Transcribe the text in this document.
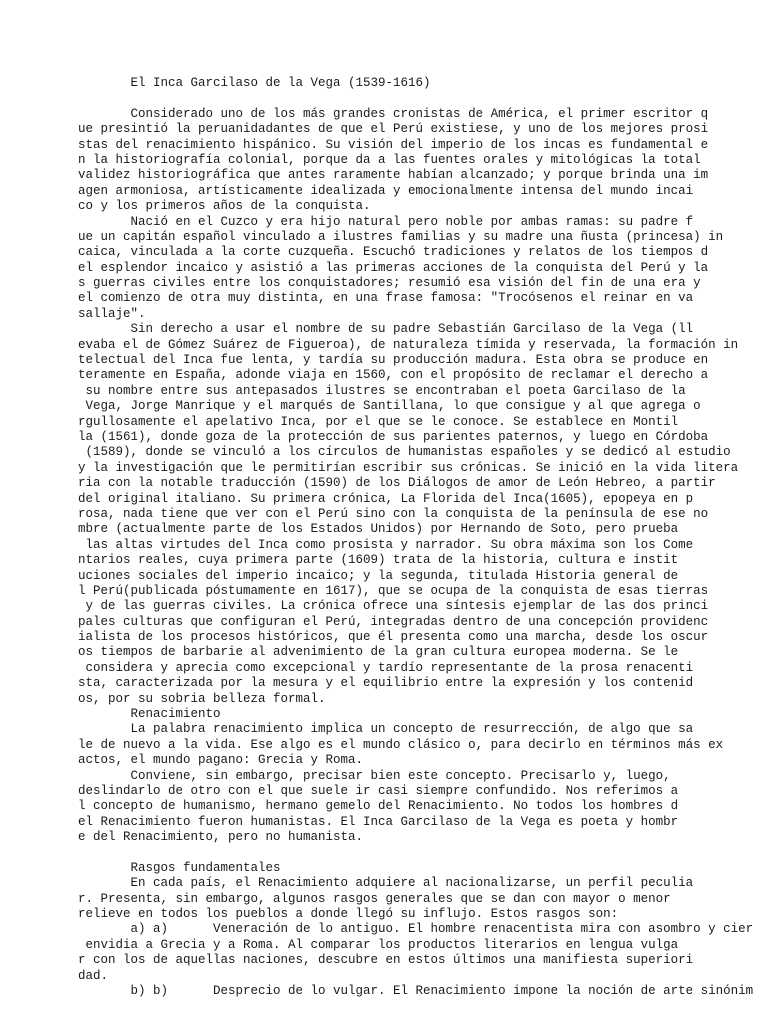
El Inca Garcilaso de la Vega (1539-1616)
Considerado uno de los más grandes cronistas de América, el primer escritor q
ue presintió la peruanidadantes de que el Perú existiese, y uno de los mejores prosi
stas del renacimiento hispánico. Su visión del imperio de los incas es fundamental e
n la historiografía colonial, porque da a las fuentes orales y mitológicas la total
validez historiográfica que antes raramente habían alcanzado; y porque brinda una im
agen armoniosa, artísticamente idealizada y emocionalmente intensa del mundo incai
co y los primeros años de la conquista.
Nació en el Cuzco y era hijo natural pero noble por ambas ramas: su padre f
ue un capitán español vinculado a ilustres familias y su madre una ñusta (princesa) in
caica, vinculada a la corte cuzqueña. Escuchó tradiciones y relatos de los tiempos d
el esplendor incaico y asistió a las primeras acciones de la conquista del Perú y la
s guerras civiles entre los conquistadores; resumió esa visión del fin de una era y
el comienzo de otra muy distinta, en una frase famosa: "Trocósenos el reinar en va
sallaje".
Sin derecho a usar el nombre de su padre Sebastián Garcilaso de la Vega (ll
evaba el de Gómez Suárez de Figueroa), de naturaleza tímida y reservada, la formación in
telectual del Inca fue lenta, y tardía su producción madura. Esta obra se produce en
teramente en España, adonde viaja en 1560, con el propósito de reclamar el derecho a
su nombre entre sus antepasados ilustres se encontraban el poeta Garcilaso de la
Vega, Jorge Manrique y el marqués de Santillana, lo que consigue y al que agrega o
rgullosamente el apelativo Inca, por el que se le conoce. Se establece en Montil
la (1561), donde goza de la protección de sus parientes paternos, y luego en Córdoba
(1589), donde se vinculó a los círculos de humanistas españoles y se dedicó al estudio
y la investigación que le permitirían escribir sus crónicas. Se inició en la vida litera
ria con la notable traducción (1590) de los Diálogos de amor de León Hebreo, a partir
del original italiano. Su primera crónica, La Florida del Inca(1605), epopeya en p
rosa, nada tiene que ver con el Perú sino con la conquista de la península de ese no
mbre (actualmente parte de los Estados Unidos) por Hernando de Soto, pero prueba
las altas virtudes del Inca como prosista y narrador. Su obra máxima son los Come
ntarios reales, cuya primera parte (1609) trata de la historia, cultura e instit
uciones sociales del imperio incaico; y la segunda, titulada Historia general de
l Perú(publicada póstumamente en 1617), que se ocupa de la conquista de esas tierras
y de las guerras civiles. La crónica ofrece una síntesis ejemplar de las dos princi
pales culturas que configuran el Perú, integradas dentro de una concepción providenc
ialista de los procesos históricos, que él presenta como una marcha, desde los oscur
os tiempos de barbarie al advenimiento de la gran cultura europea moderna. Se le
considera y aprecia como excepcional y tardío representante de la prosa renacenti
sta, caracterizada por la mesura y el equilibrio entre la expresión y los contenid
os, por su sobria belleza formal.
Renacimiento
La palabra renacimiento implica un concepto de resurrección, de algo que sa
le de nuevo a la vida. Ese algo es el mundo clásico o, para decirlo en términos más ex
actos, el mundo pagano: Grecia y Roma.
Conviene, sin embargo, precisar bien este concepto. Precisarlo y, luego,
deslindarlo de otro con el que suele ir casi siempre confundido. Nos referimos a
l concepto de humanismo, hermano gemelo del Renacimiento. No todos los hombres d
el Renacimiento fueron humanistas. El Inca Garcilaso de la Vega es poeta y hombr
e del Renacimiento, pero no humanista.
Rasgos fundamentales
En cada país, el Renacimiento adquiere al nacionalizarse, un perfil peculia
r. Presenta, sin embargo, algunos rasgos generales que se dan con mayor o menor
relieve en todos los pueblos a donde llegó su influjo. Estos rasgos son:
a) a)      Veneración de lo antiguo. El hombre renacentista mira con asombro y cier
envidia a Grecia y a Roma. Al comparar los productos literarios en lengua vulga
r con los de aquellas naciones, descubre en estos últimos una manifiesta superiori
dad.
b) b)      Desprecio de lo vulgar. El Renacimiento impone la noción de arte sinónim
